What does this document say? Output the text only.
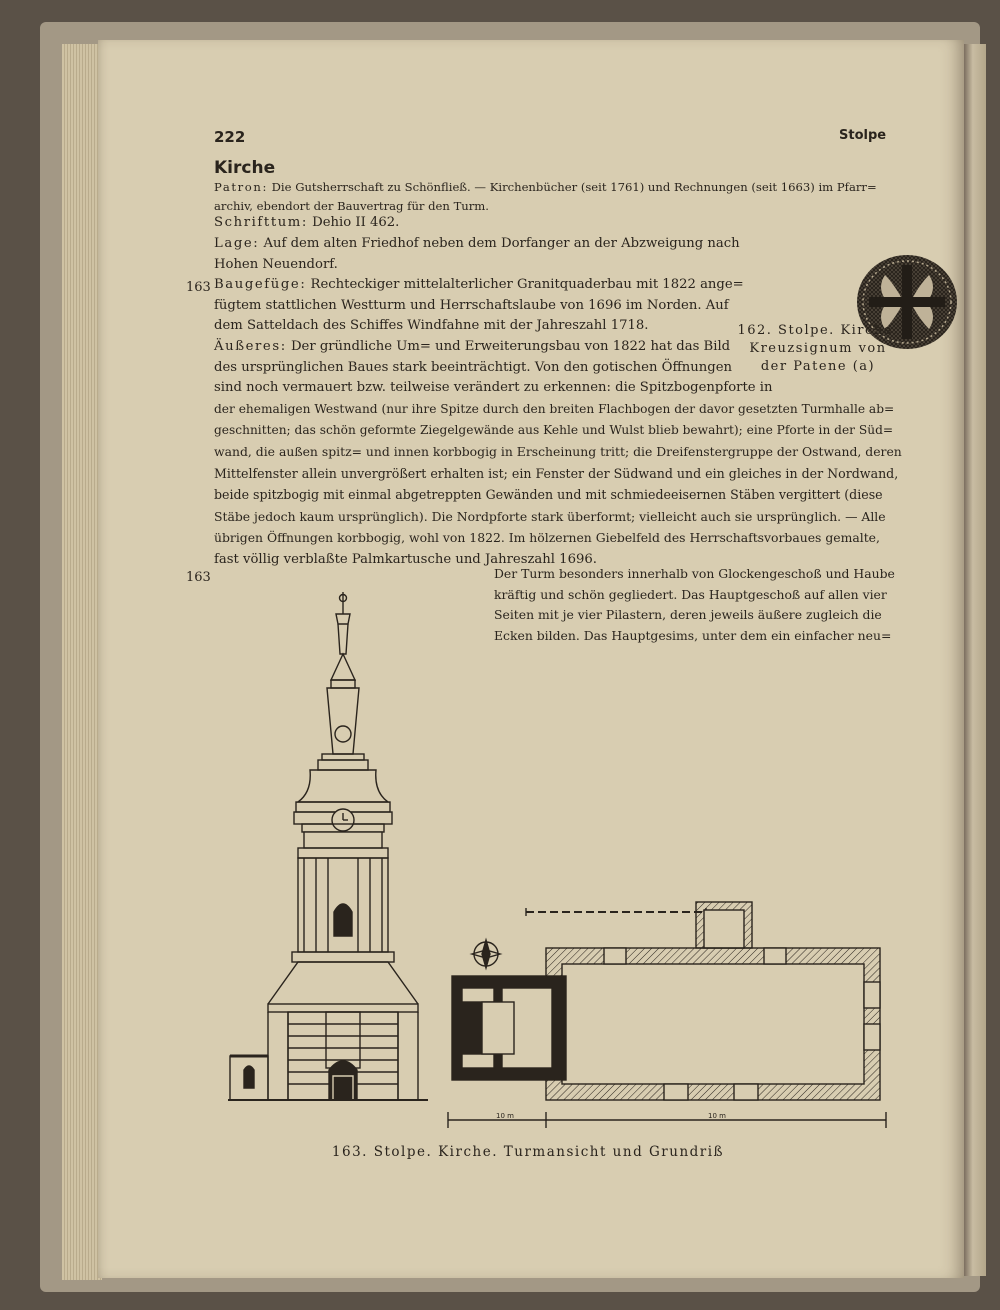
222	Stolpe
Kirche
Patron: Die Gutsherrschaft zu Schönfließ. — Kirchenbücher (seit 1761) und Rechnungen (seit 1663) im Pfarr=
archiv, ebendort der Bauvertrag für den Turm.
Schrifttum: Dehio II 462.
Lage: Auf dem alten Friedhof neben dem Dorfanger an der Abzweigung nach
Hohen Neuendorf.
163 Baugefüge: Rechteckiger mittelalterlicher Granitquaderbau mit 1822 ange=
fügtem stattlichen Westturm und Herrschaftslaube von 1696 im Norden. Auf
dem Satteldach des Schiffes Windfahne mit der Jahreszahl 1718.
Äußeres: Der gründliche Um= und Erweiterungsbau von 1822 hat das Bild
des ursprünglichen Baues stark beeinträchtigt. Von den gotischen Öffnungen
sind noch vermauert bzw. teilweise verändert zu erkennen: die Spitzbogenpforte in
der ehemaligen Westwand (nur ihre Spitze durch den breiten Flachbogen der davor gesetzten Turmhalle ab=
geschnitten; das schön geformte Ziegelgewände aus Kehle und Wulst blieb bewahrt); eine Pforte in der Süd=
wand, die außen spitz= und innen korbbogig in Erscheinung tritt; die Dreifenstergruppe der Ostwand, deren
Mittelfenster allein unvergrößert erhalten ist; ein Fenster der Südwand und ein gleiches in der Nordwand,
beide spitzbogig mit einmal abgetreppten Gewänden und mit schmiedeeisernen Stäben vergittert (diese
Stäbe jedoch kaum ursprünglich). Die Nordpforte stark überformt; vielleicht auch sie ursprünglich. — Alle
übrigen Öffnungen korbbogig, wohl von 1822. Im hölzernen Giebelfeld des Herrschaftsvorbaues gemalte,
fast völlig verblaßte Palmkartusche und Jahreszahl 1696.
163	Der Turm besonders innerhalb von Glockengeschoß und Haube
kräftig und schön gegliedert. Das Hauptgeschoß auf allen vier
Seiten mit je vier Pilastern, deren jeweils äußere zugleich die
Ecken bilden. Das Hauptgesims, unter dem ein einfacher neu=
162. Stolpe. Kirche.
Kreuzsignum von
der Patene (a)
10 m	10 m
163. Stolpe. Kirche. Turmansicht und Grundriß
